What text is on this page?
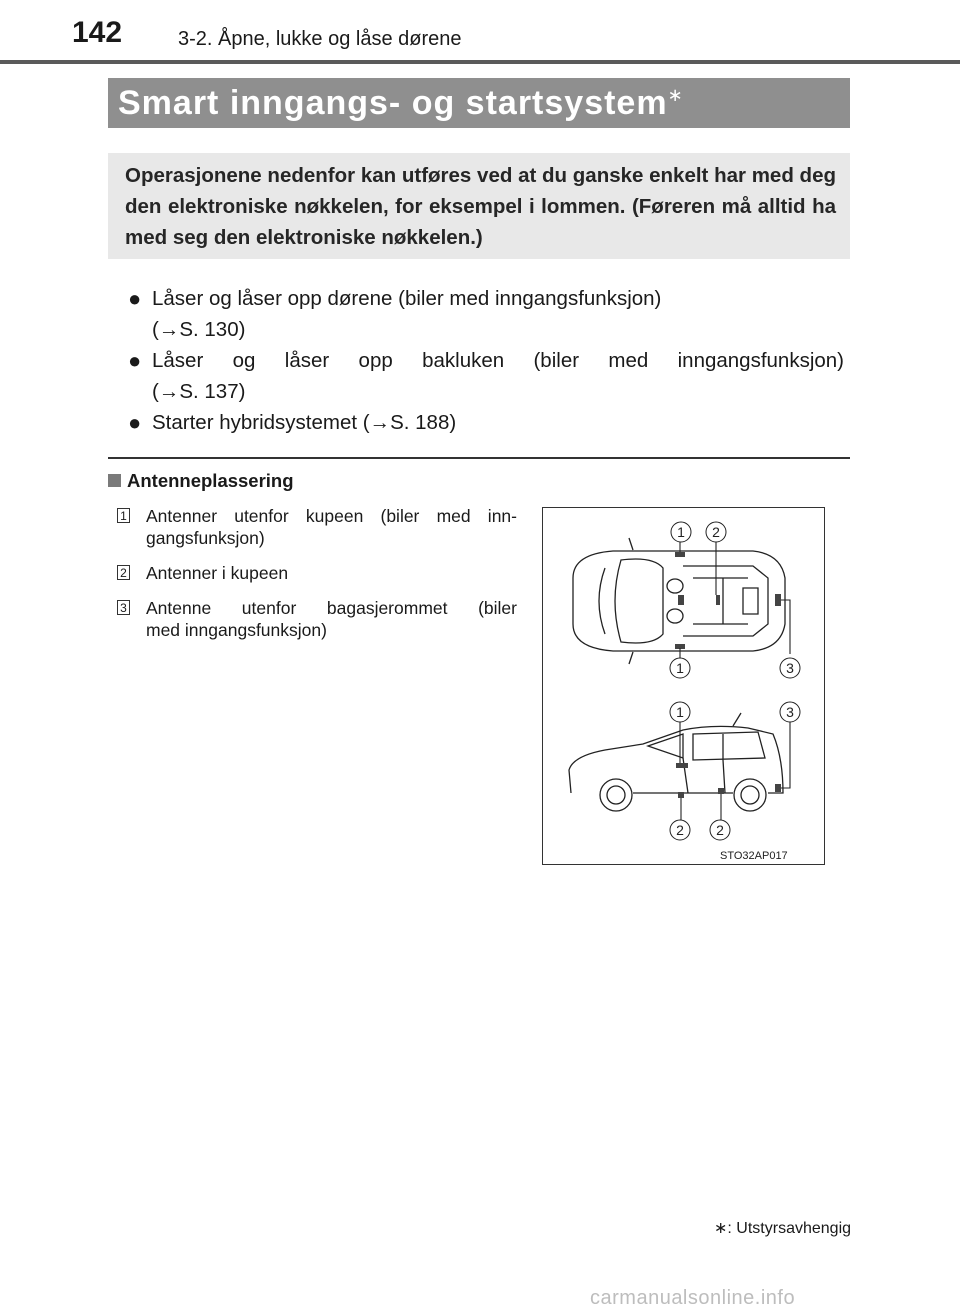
142	3-2. Åpne, lukke og låse dørene
Smart inngangs- og startsystem∗
Operasjonene nedenfor kan utføres ved at du ganske enkelt har med deg den elektroniske nøkkelen, for eksempel i lommen. (Føreren må alltid ha med seg den elektroniske nøkkelen.)
● Låser og låser opp dørene (biler med inngangsfunksjon)
(→S. 130)
● Låser og låser opp bakluken (biler med inngangsfunksjon)
(→S. 137)
● Starter hybridsystemet (→S. 188)
Antenneplassering
1 Antenner utenfor kupeen (biler med inn-
gangsfunksjon)
2 Antenner i kupeen
3 Antenne utenfor bagasjerommet (biler
med inngangsfunksjon)
1 2
1	3
1	3
2 2
STO32AP017
∗: Utstyrsavhengig
carmanualsonline.info
